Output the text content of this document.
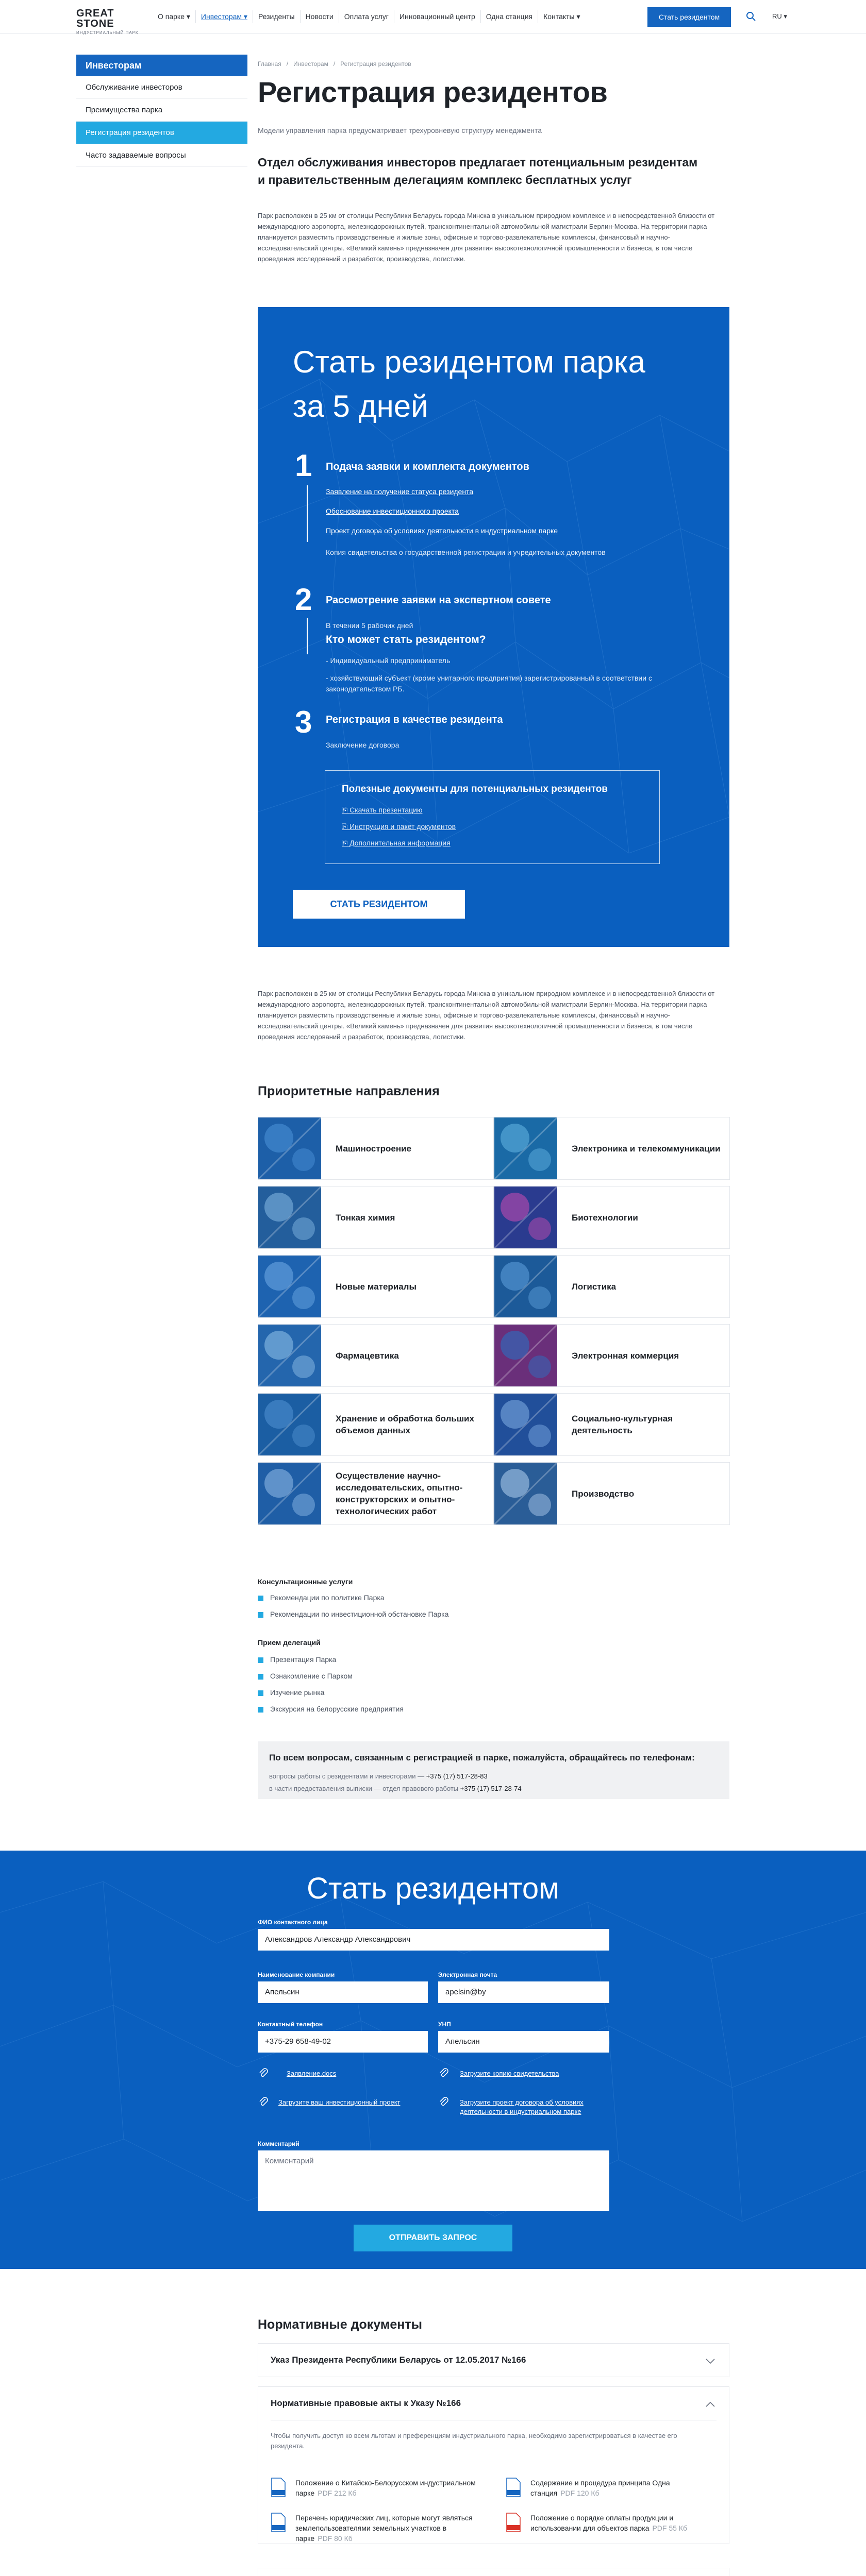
GREAT STONE
ИНДУСТРИАЛЬНЫЙ ПАРК
О парке ▾	Инвесторам ▾	Резиденты	Новости	Оплата услуг	Инновационный центр	Одна станция	Контакты ▾	Стать резидентом	RU ▾
Инвесторам
Обслуживание инвесторов
Преимущества парка
Регистрация резидентов
Часто задаваемые вопросы
Главная / Инвесторам / Регистрация резидентов
Регистрация резидентов
Модели управления парка предусматривает трехуровневую структуру менеджмента
Отдел обслуживания инвесторов предлагает потенциальным резидентам и правительственным делегациям комплекс бесплатных услуг
Парк расположен в 25 км от столицы Республики Беларусь города Минска в уникальном природном комплексе и в непосредственной близости от международного аэропорта, железнодорожных путей, трансконтинентальной автомобильной магистрали Берлин-Москва. На территории парка планируется разместить производственные и жилые зоны, офисные и торгово-развлекательные комплексы, финансовый и научно-исследовательский центры. «Великий камень» предназначен для развития высокотехнологичной промышленности и бизнеса, в том числе проведения исследований и разработок, производства, логистики.
Стать резидентом парка за 5 дней
1 Подача заявки и комплекта документов
Заявление на получение статуса резидента
Обоснование инвестиционного проекта
Проект договора об условиях деятельности в индустриальном парке
Копия свидетельства о государственной регистрации и учредительных документов
2 Рассмотрение заявки на экспертном совете
В течении 5 рабочих дней
Кто может стать резидентом?
- Индивидуальный предприниматель
- хозяйствующий субъект (кроме унитарного предприятия) зарегистрированный в соответствии с законодательством РБ.
3 Регистрация в качестве резидента
Заключение договора
Полезные документы для потенциальных резидентов
⎘ Скачать презентацию
⎘ Инструкция и пакет документов
⎘ Дополнительная информация
СТАТЬ РЕЗИДЕНТОМ
Парк расположен в 25 км от столицы Республики Беларусь города Минска в уникальном природном комплексе и в непосредственной близости от международного аэропорта, железнодорожных путей, трансконтинентальной автомобильной магистрали Берлин-Москва. На территории парка планируется разместить производственные и жилые зоны, офисные и торгово-развлекательные комплексы, финансовый и научно-исследовательский центры. «Великий камень» предназначен для развития высокотехнологичной промышленности и бизнеса, в том числе проведения исследований и разработок, производства, логистики.
Приоритетные направления
Машиностроение	Электроника и телекоммуникации
Тонкая химия	Биотехнологии
Новые материалы	Логистика
Фармацевтика	Электронная коммерция
Хранение и обработка больших объемов данных
Социально-культурная деятельность
Осуществление научно-исследовательских, опытно-конструкторских и опытно-технологических работ
Производство
Консультационные услуги
Рекомендации по политике Парка
Рекомендации по инвестиционной обстановке Парка
Прием делегаций
Презентация Парка
Ознакомление с Парком
Изучение рынка
Экскурсия на белорусские предприятия
По всем вопросам, связанным с регистрацией в парке, пожалуйста, обращайтесь по телефонам:
вопросы работы с резидентами и инвесторами — +375 (17) 517-28-83
в части предоставления выписки — отдел правового работы +375 (17) 517-28-74
Стать резидентом
ФИО контактного лица
Александров Александр Александрович
Наименование компании
Апельсин
Электронная почта
apelsin@by
Контактный телефон
+375-29 658-49-02
УНП
Апельсин
Заявление.docs	Загрузите копию свидетельства
Загрузите ваш инвестиционный проект	Загрузите проект договора об условиях деятельности в индустриальном парке
Комментарий
Комментарий
ОТПРАВИТЬ ЗАПРОС
Нормативные документы
Указ Президента Республики Беларусь от 12.05.2017 №166
Нормативные правовые акты к Указу №166
Чтобы получить доступ ко всем льготам и преференциям индустриального парка, необходимо зарегистрироваться в качестве его резидента.
Положение о Китайско-Белорусском индустриальном парке PDF 212 Кб
Содержание и процедура принципа Одна станция PDF 120 Кб
Перечень юридических лиц, которые могут являться землепользователями земельных участков в парке PDF 80 Кб
Положение о порядке оплаты продукции и использовании для объектов парка PDF 55 Кб
